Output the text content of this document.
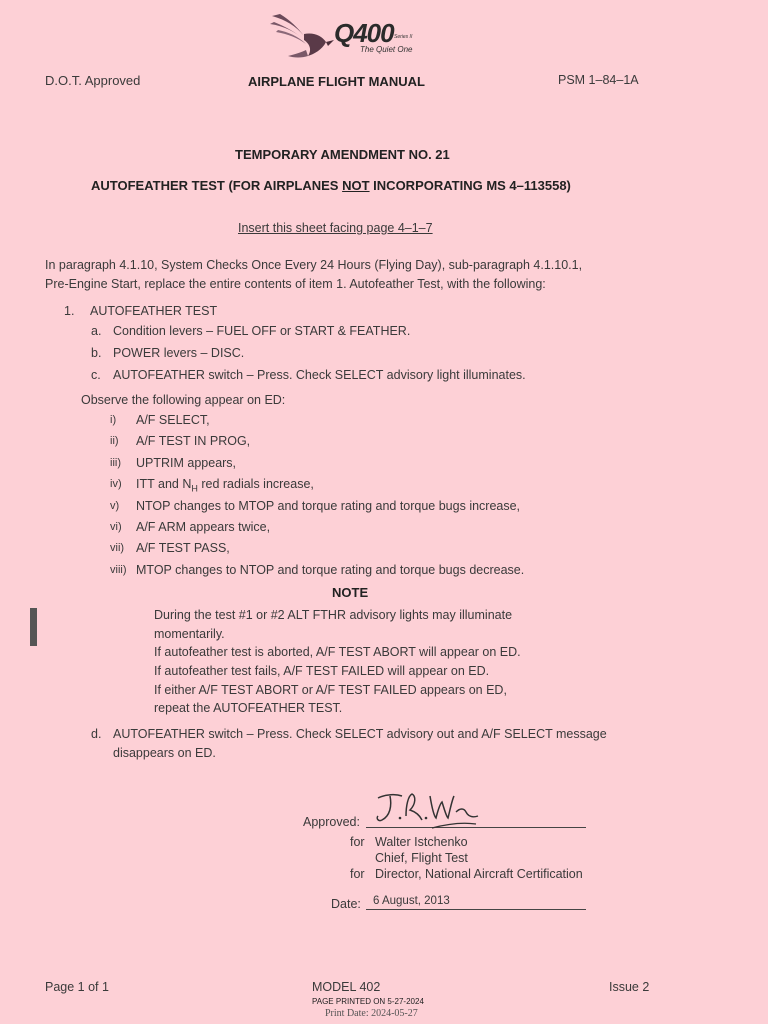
Q400 Series II
The Quiet One
D.O.T. Approved	AIRPLANE FLIGHT MANUAL	PSM 1–84–1A
TEMPORARY AMENDMENT NO. 21
AUTOFEATHER TEST (FOR AIRPLANES NOT INCORPORATING MS 4–113558)
Insert this sheet facing page 4–1–7
In paragraph 4.1.10, System Checks Once Every 24 Hours (Flying Day), sub-paragraph 4.1.10.1,
Pre-Engine Start, replace the entire contents of item 1. Autofeather Test, with the following:
1. AUTOFEATHER TEST
a. Condition levers – FUEL OFF or START & FEATHER.
b. POWER levers – DISC.
c. AUTOFEATHER switch – Press. Check SELECT advisory light illuminates.
Observe the following appear on ED:
i)	A/F SELECT,
ii)	A/F TEST IN PROG,
iii)	UPTRIM appears,
iv)	ITT and $N_H$ red radials increase,
v)	NTOP changes to MTOP and torque rating and torque bugs increase,
vi)	A/F ARM appears twice,
vii) A/F TEST PASS,
viii) MTOP changes to NTOP and torque rating and torque bugs decrease.
NOTE
During the test #1 or #2 ALT FTHR advisory lights may illuminate
momentarily.
If autofeather test is aborted, A/F TEST ABORT will appear on ED.
If autofeather test fails, A/F TEST FAILED will appear on ED.
If either A/F TEST ABORT or A/F TEST FAILED appears on ED,
repeat the AUTOFEATHER TEST.
d. AUTOFEATHER switch – Press. Check SELECT advisory out and A/F SELECT message
disappears on ED.
Approved:
for Walter Istchenko
Chief, Flight Test
for Director, National Aircraft Certification
Date: 6 August, 2013
Page 1 of 1	MODEL 402	Issue 2
PAGE PRINTED ON 5-27-2024
Print Date: 2024-05-27
